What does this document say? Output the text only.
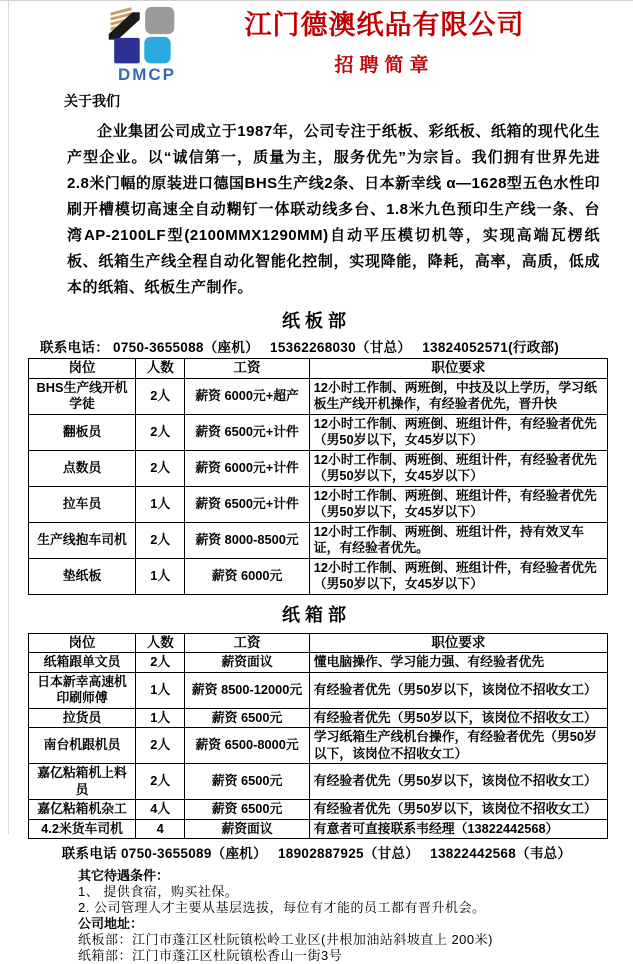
DMCP
江门德澳纸品有限公司
招聘简章
关于我们

企业集团公司成立于1987年，公司专注于纸板、彩纸板、纸箱的现代化生产型企业。以“诚信第一，质量为主，服务优先”为宗旨。我们拥有世界先进2.8米门幅的原装进口德国BHS生产线2条、日本新幸线 α—1628型五色水性印刷开槽模切高速全自动糊钉一体联动线多台、1.8米九色预印生产线一条、台湾AP-2100LF型(2100MMX1290MM)自动平压模切机等，实现高端瓦楞纸板、纸箱生产线全程自动化智能化控制，实现降能，降耗，高率，高质，低成本的纸箱、纸板生产制作。

纸板部
联系电话： 0750-3655088（座机）　 15362268030（甘总）　 13824052571(行政部)
岗位	人数	工资	职位要求
BHS生产线开机学徒	2人	薪资 6000元+超产	12小时工作制、两班倒，中技及以上学历，学习纸板生产线开机操作，有经验者优先，晋升快
翻板员	2人	薪资 6500元+计件	12小时工作制、两班倒、班组计件，有经验者优先（男50岁以下，女45岁以下）
点数员	2人	薪资 6000元+计件	12小时工作制、两班倒、班组计件，有经验者优先（男50岁以下，女45岁以下）
拉车员	1人	薪资 6500元+计件	12小时工作制、两班倒、班组计件，有经验者优先（男50岁以下，女45岁以下）
生产线抱车司机	2人	薪资 8000-8500元	12小时工作制、两班倒、班组计件，持有效叉车证，有经验者优先。
垫纸板	1人	薪资 6000元	12小时工作制、两班倒、班组计件，有经验者优先（男50岁以下，女45岁以下）
纸箱部
岗位	人数	工资	职位要求
纸箱跟单文员	2人	薪资面议	懂电脑操作、学习能力强、有经验者优先
日本新幸高速机印刷师傅	1人	薪资 8500-12000元	有经验者优先（男50岁以下，该岗位不招收女工）
拉货员	1人	薪资 6500元	有经验者优先（男50岁以下，该岗位不招收女工）
南台机跟机员	2人	薪资 6500-8000元	学习纸箱生产线机台操作，有经验者优先（男50岁以下，该岗位不招收女工）
嘉亿粘箱机上料员	2人	薪资 6500元	有经验者优先（男50岁以下，该岗位不招收女工）
嘉亿粘箱机杂工	4人	薪资 6500元	有经验者优先（男50岁以下，该岗位不招收女工）
4.2米货车司机	4	薪资面议	有意者可直接联系韦经理（13822442568）
联系电话 0750-3655089（座机）　 18902887925（甘总）　 13822442568（韦总）
其它待遇条件：
1、 提供食宿，购买社保。
2. 公司管理人才主要从基层选拔，每位有才能的员工都有晋升机会。
公司地址：
纸板部：江门市蓬江区杜阮镇松岭工业区(井根加油站斜坡直上 200米)
纸箱部：江门市蓬江区杜阮镇松香山一街3号
